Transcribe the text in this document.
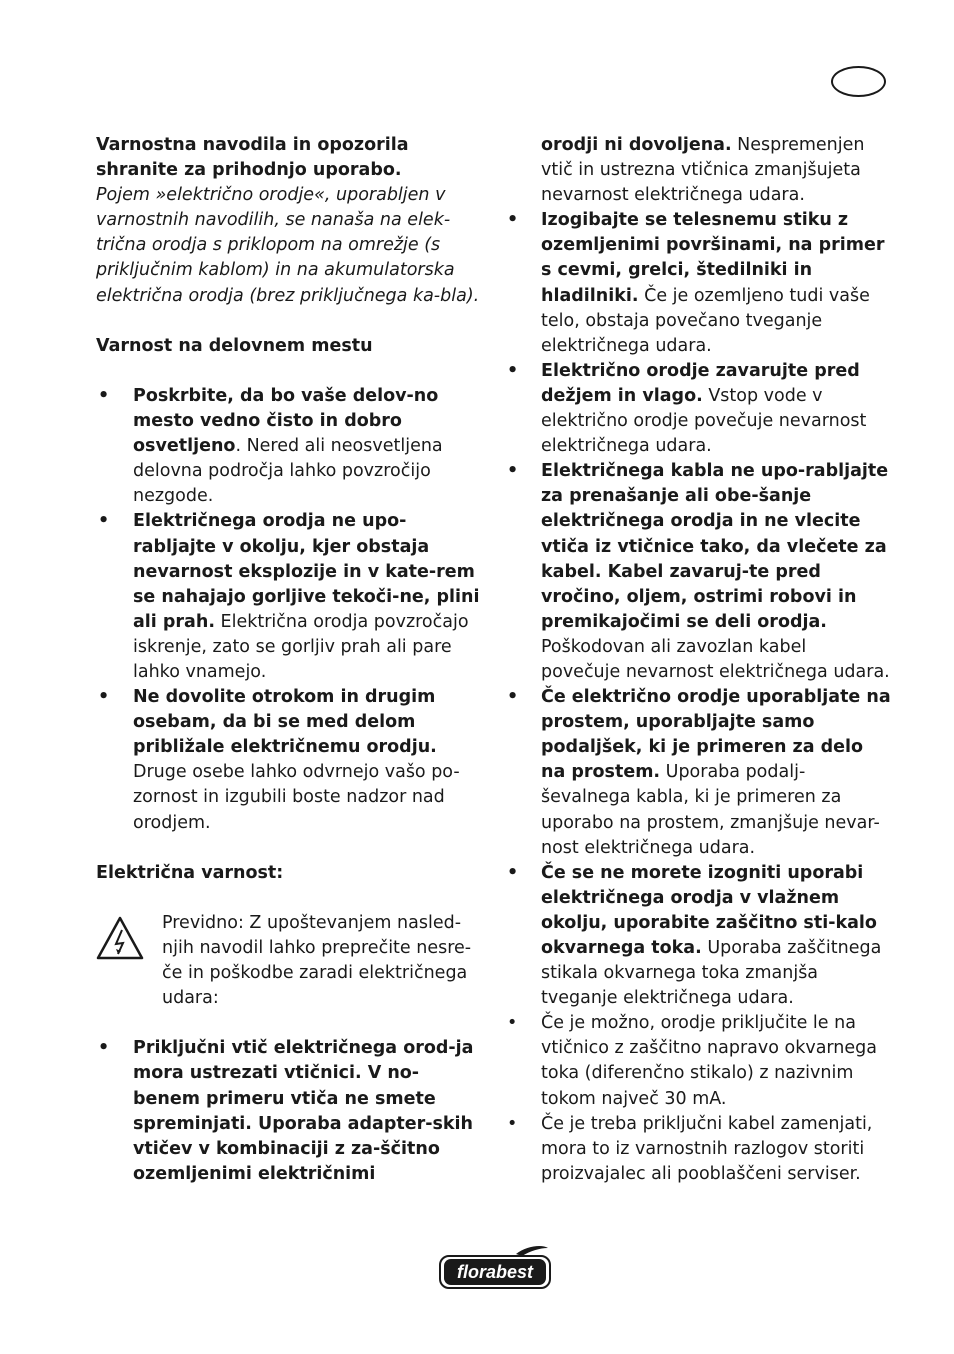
Varnostna navodila in opozorila shranite za prihodnjo uporabo.

Pojem »električno orodje«, uporabljen v varnostnih navodilih, se nanaša na elek-trična orodja s priklopom na omrežje (s priključnim kablom) in na akumulatorska električna orodja (brez priključnega ka-bla).

Varnost na delovnem mestu

• Poskrbite, da bo vaše delov-no mesto vedno čisto in dobro osvetljeno. Nered ali neosvetljena delovna področja lahko povzročijo nezgode.
• Električnega orodja ne upo-rabljajte v okolju, kjer obstaja nevarnost eksplozije in v kate-rem se nahajajo gorljive tekoči-ne, plini ali prah. Električna orodja povzročajo iskrenje, zato se gorljiv prah ali pare lahko vnamejo.
• Ne dovolite otrokom in drugim osebam, da bi se med delom približale električnemu orodju. Druge osebe lahko odvrnejo vašo po-zornost in izgubili boste nadzor nad orodjem.

Električna varnost:

Previdno: Z upoštevanjem nasled-njih navodil lahko preprečite nesre-če in poškodbe zaradi električnega udara:

• Priključni vtič električnega orod-ja mora ustrezati vtičnici. V no-benem primeru vtiča ne smete spreminjati. Uporaba adapter-skih vtičev v kombinaciji z za-ščitno ozemljenimi električnimi

orodji ni dovoljena. Nespremenjen vtič in ustrezna vtičnica zmanjšujeta nevarnost električnega udara.

• Izogibajte se telesnemu stiku z ozemljenimi površinami, na primer s cevmi, grelci, štedilniki in hladilniki. Če je ozemljeno tudi vaše telo, obstaja povečano tveganje električnega udara.
• Električno orodje zavarujte pred dežjem in vlago. Vstop vode v električno orodje povečuje nevarnost električnega udara.
• Električnega kabla ne upo-rabljajte za prenašanje ali obe-šanje električnega orodja in ne vlecite vtiča iz vtičnice tako, da vlečete za kabel. Kabel zavaruj-te pred vročino, oljem, ostrimi robovi in premikajočimi se deli orodja. Poškodovan ali zavozlan kabel povečuje nevarnost električnega udara.
• Če električno orodje uporabljate na prostem, uporabljajte samo podaljšek, ki je primeren za delo na prostem. Uporaba podalj-ševalnega kabla, ki je primeren za uporabo na prostem, zmanjšuje nevar-nost električnega udara.
• Če se ne morete izogniti uporabi električnega orodja v vlažnem okolju, uporabite zaščitno sti-kalo okvarnega toka. Uporaba zaščitnega stikala okvarnega toka zmanjša tveganje električnega udara.
• Če je možno, orodje priključite le na vtičnico z zaščitno napravo okvarnega toka (diferenčno stikalo) z nazivnim tokom največ 30 mA.
• Če je treba priključni kabel zamenjati, mora to iz varnostnih razlogov storiti proizvajalec ali pooblaščeni serviser.
florabest
